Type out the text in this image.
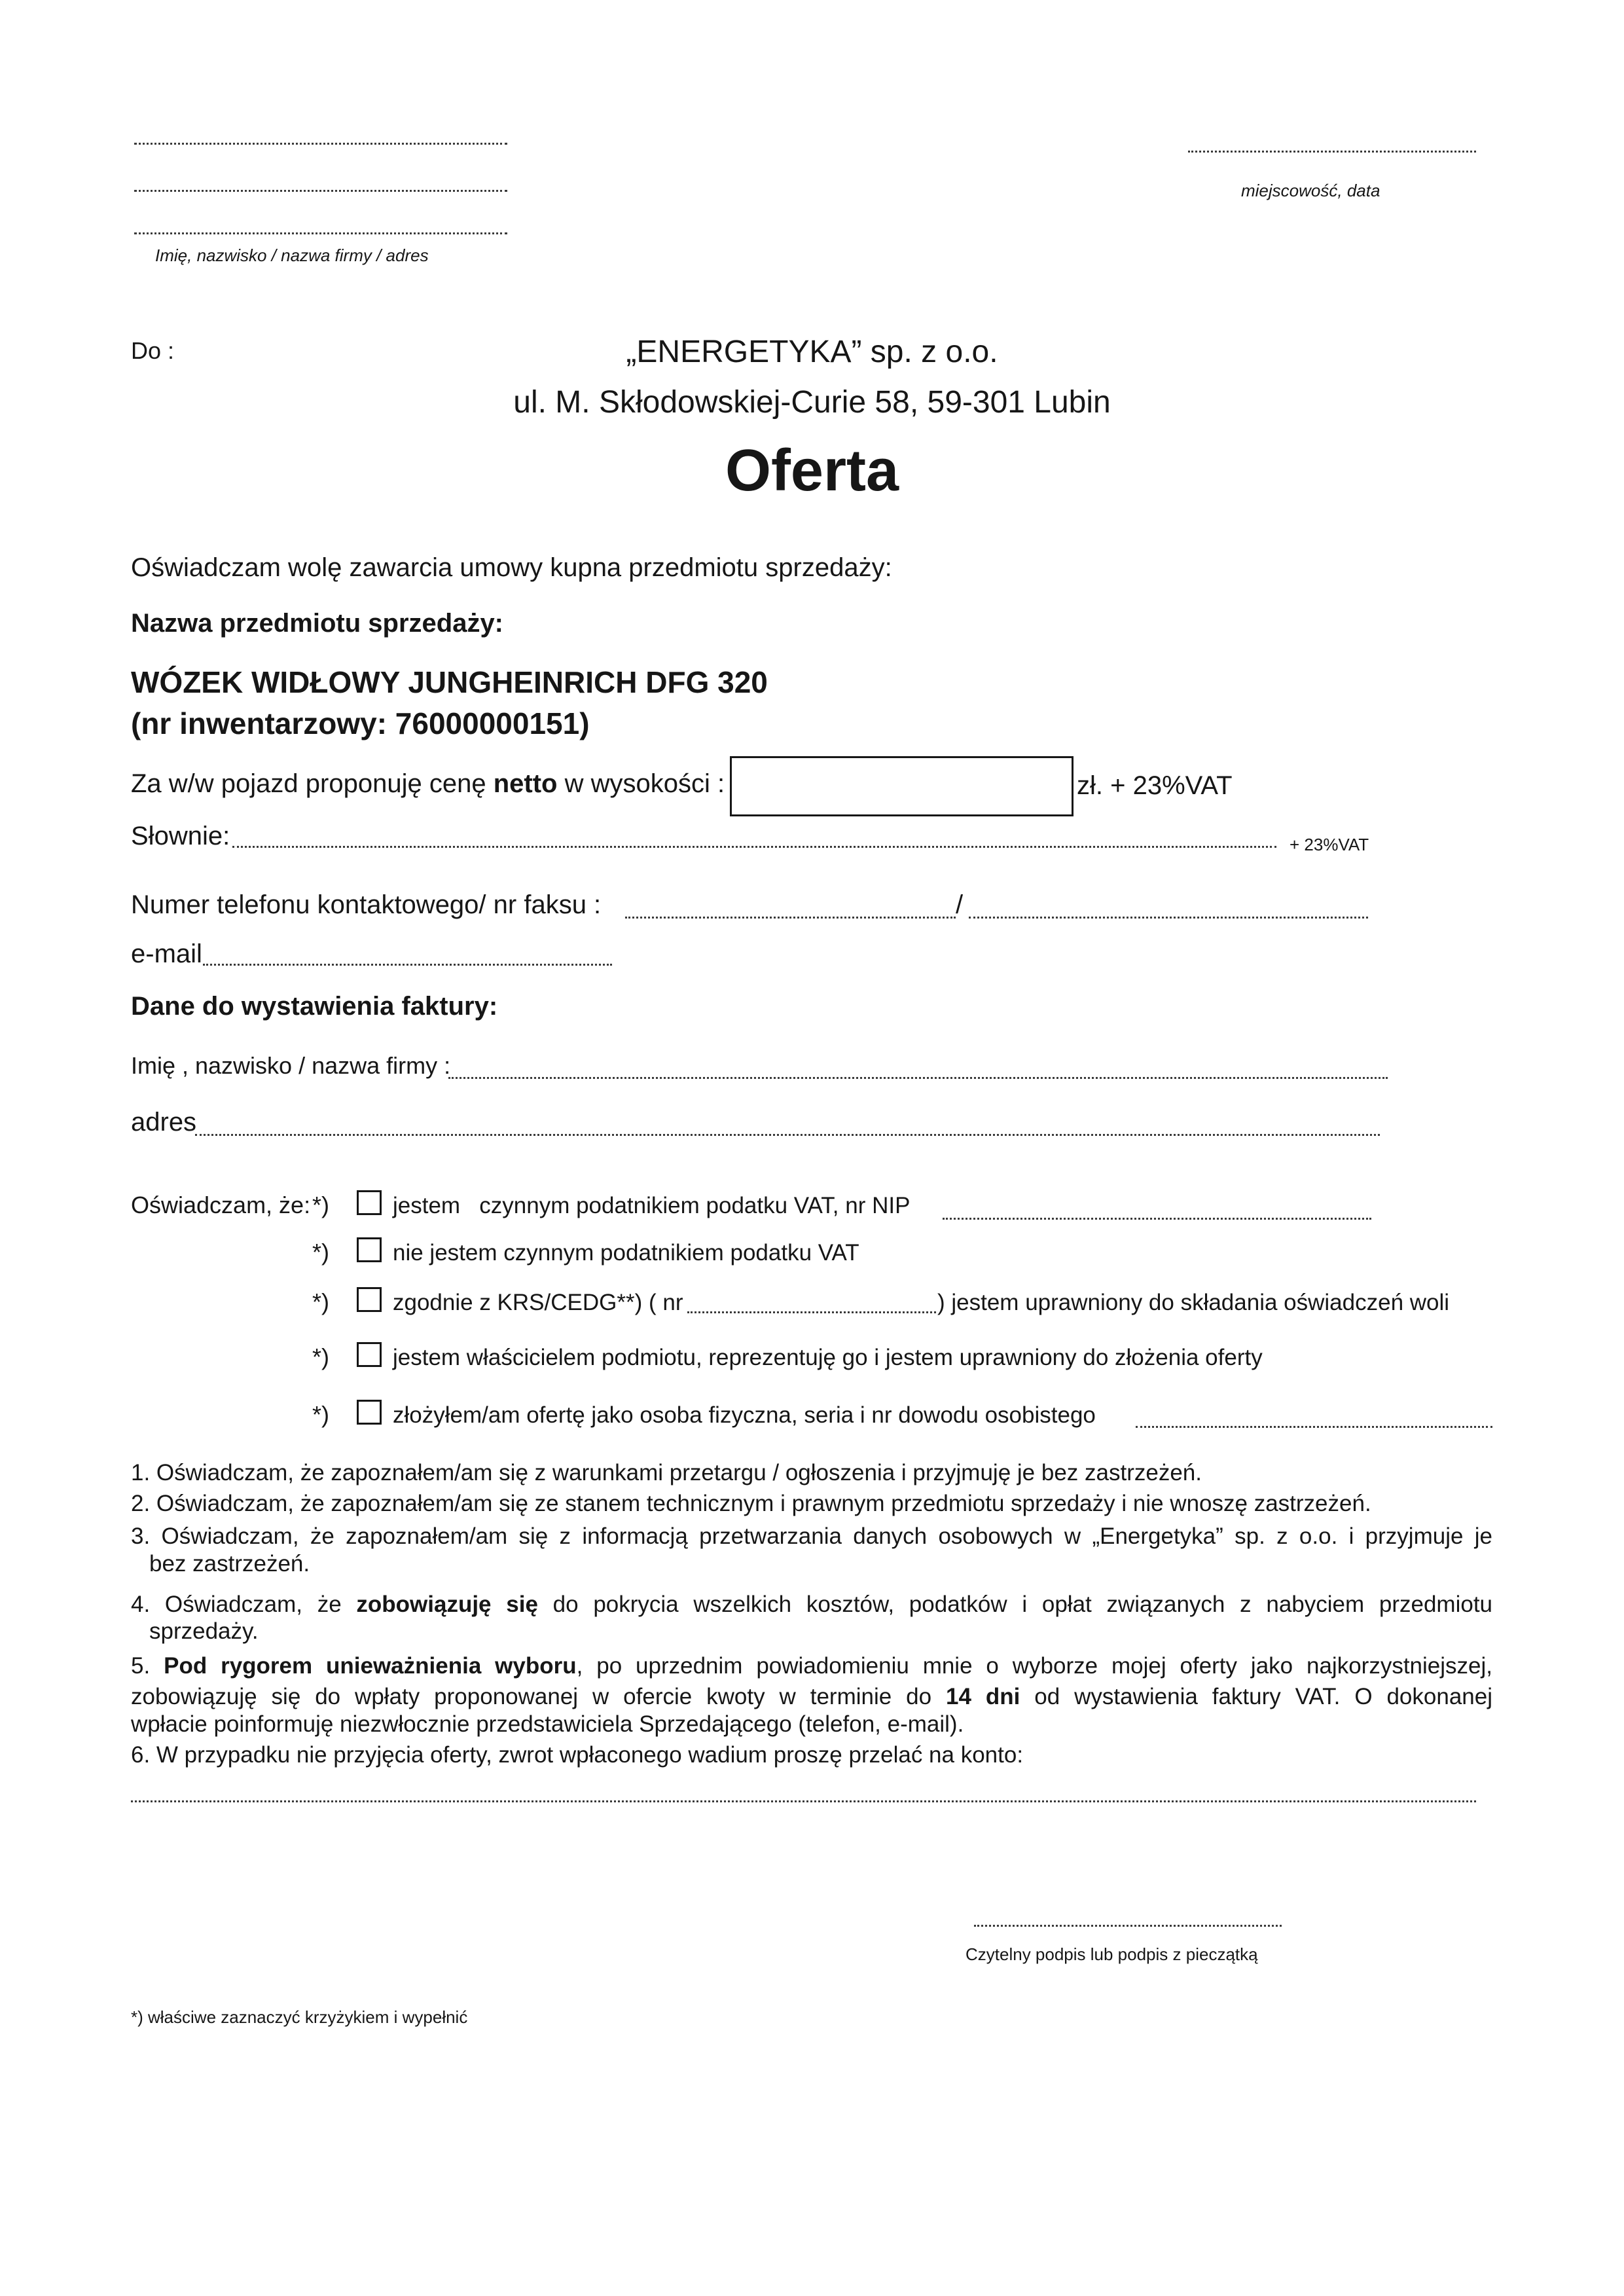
Imię, nazwisko / nazwa firmy / adres
miejscowość, data
Do :	„ENERGETYKA” sp. z o.o.
ul. M. Skłodowskiej-Curie 58, 59-301 Lubin
Oferta
Oświadczam wolę zawarcia umowy kupna przedmiotu sprzedaży:
Nazwa przedmiotu sprzedaży:
WÓZEK WIDŁOWY JUNGHEINRICH DFG 320
(nr inwentarzowy: 76000000151)
Za w/w pojazd proponuję cenę netto w wysokości :	zł. + 23%VAT
Słownie:	+ 23%VAT
Numer telefonu kontaktowego/ nr faksu :	/
e-mail
Dane do wystawienia faktury:
Imię , nazwisko / nazwa firmy :
adres
Oświadczam, że: *)	jestem   czynnym podatnikiem podatku VAT, nr NIP
*)	nie jestem czynnym podatnikiem podatku VAT
*)	zgodnie z KRS/CEDG**) ( nr	) jestem uprawniony do składania oświadczeń woli
*)	jestem właścicielem podmiotu, reprezentuję go i jestem uprawniony do złożenia oferty
*)	złożyłem/am ofertę jako osoba fizyczna, seria i nr dowodu osobistego
1. Oświadczam, że zapoznałem/am się z warunkami przetargu / ogłoszenia i przyjmuję je bez zastrzeżeń.
2. Oświadczam, że zapoznałem/am się ze stanem technicznym i prawnym przedmiotu sprzedaży i nie wnoszę zastrzeżeń.
3. Oświadczam, że zapoznałem/am się z informacją przetwarzania danych osobowych w „Energetyka” sp. z o.o. i przyjmuje je
bez zastrzeżeń.
4. Oświadczam, że zobowiązuję się do pokrycia wszelkich kosztów, podatków i opłat związanych z nabyciem przedmiotu
sprzedaży.
5. Pod rygorem unieważnienia wyboru, po uprzednim powiadomieniu mnie o wyborze mojej oferty jako najkorzystniejszej,
zobowiązuję się do wpłaty proponowanej w ofercie kwoty w terminie do 14 dni od wystawienia faktury VAT. O dokonanej
wpłacie poinformuję niezwłocznie przedstawiciela Sprzedającego (telefon, e-mail).
6. W przypadku nie przyjęcia oferty, zwrot wpłaconego wadium proszę przelać na konto:
Czytelny podpis lub podpis z pieczątką
*) właściwe zaznaczyć krzyżykiem i wypełnić
